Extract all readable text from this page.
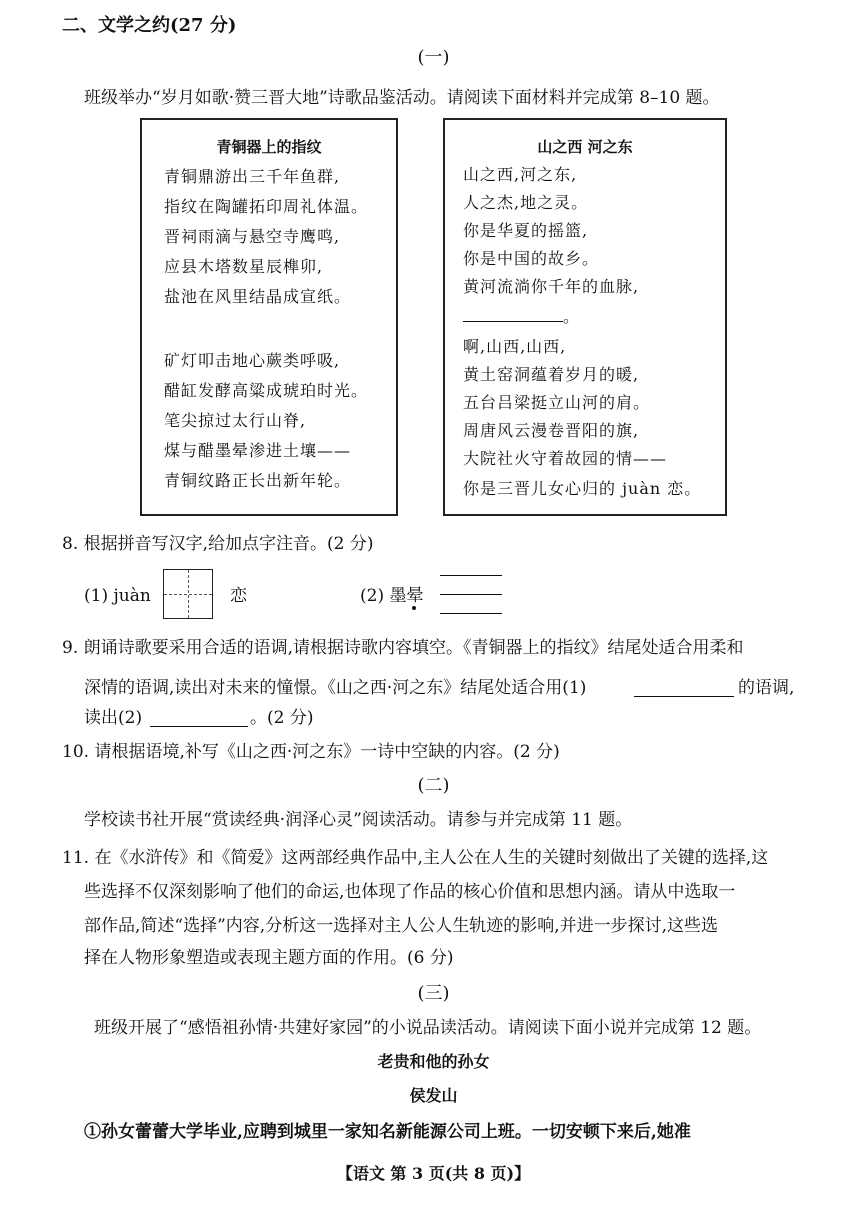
二、文学之约(27 分)
(一)
班级举办“岁月如歌·赞三晋大地”诗歌品鉴活动。请阅读下面材料并完成第 8–10 题。
青铜器上的指纹
青铜鼎游出三千年鱼群,
指纹在陶罐拓印周礼体温。
晋祠雨滴与悬空寺鹰鸣,
应县木塔数星辰榫卯,
盐池在风里结晶成宣纸。
矿灯叩击地心蕨类呼吸,
醋缸发酵高粱成琥珀时光。
笔尖掠过太行山脊,
煤与醋墨晕渗进土壤——
青铜纹路正长出新年轮。
山之西 河之东
山之西,河之东,
人之杰,地之灵。
你是华夏的摇篮,
你是中国的故乡。
黄河流淌你千年的血脉,
。
啊,山西,山西,
黄土窑洞蕴着岁月的暖,
五台吕梁挺立山河的肩。
周唐风云漫卷晋阳的旗,
大院社火守着故园的情——
你是三晋儿女心归的 juàn 恋。
8. 根据拼音写汉字,给加点字注音。(2 分)
(1) juàn	恋	(2) 墨晕
9. 朗诵诗歌要采用合适的语调,请根据诗歌内容填空。《青铜器上的指纹》结尾处适合用柔和
深情的语调,读出对未来的憧憬。《山之西·河之东》结尾处适合用(1)	的语调,
读出(2)	。(2 分)
10. 请根据语境,补写《山之西·河之东》一诗中空缺的内容。(2 分)
(二)
学校读书社开展“赏读经典·润泽心灵”阅读活动。请参与并完成第 11 题。
11. 在《水浒传》和《简爱》这两部经典作品中,主人公在人生的关键时刻做出了关键的选择,这
些选择不仅深刻影响了他们的命运,也体现了作品的核心价值和思想内涵。请从中选取一
部作品,简述“选择”内容,分析这一选择对主人公人生轨迹的影响,并进一步探讨,这些选
择在人物形象塑造或表现主题方面的作用。(6 分)
(三)
班级开展了“感悟祖孙情·共建好家园”的小说品读活动。请阅读下面小说并完成第 12 题。
老贵和他的孙女
侯发山
①孙女蕾蕾大学毕业,应聘到城里一家知名新能源公司上班。一切安顿下来后,她准
【语文 第 3 页(共 8 页)】
